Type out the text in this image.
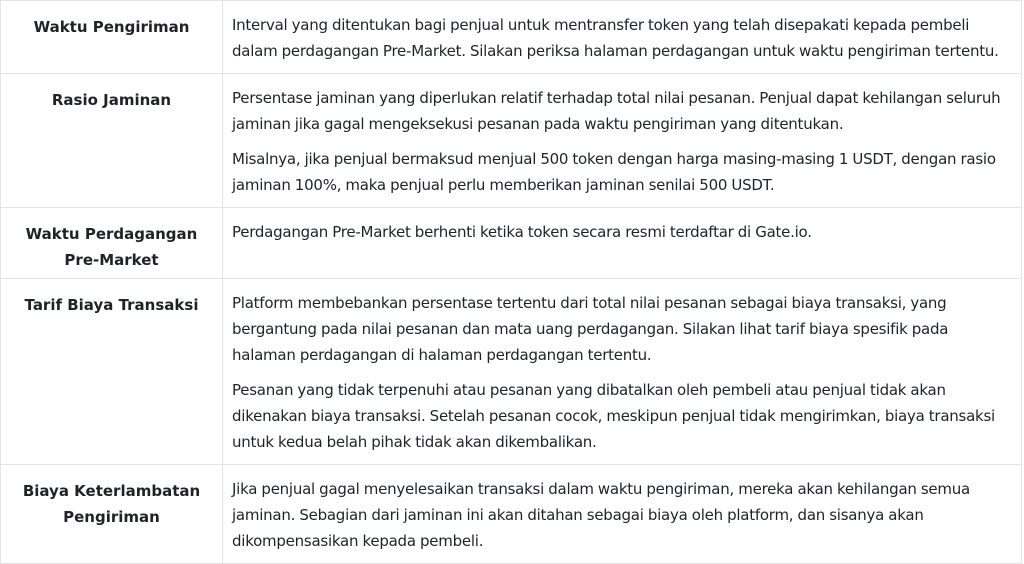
Waktu Pengiriman	Interval yang ditentukan bagi penjual untuk mentransfer token yang telah disepakati kepada pembeli dalam perdagangan Pre-Market. Silakan periksa halaman perdagangan untuk waktu pengiriman tertentu.

Rasio Jaminan	Persentase jaminan yang diperlukan relatif terhadap total nilai pesanan. Penjual dapat kehilangan seluruh jaminan jika gagal mengeksekusi pesanan pada waktu pengiriman yang ditentukan.

Misalnya, jika penjual bermaksud menjual 500 token dengan harga masing-masing 1 USDT, dengan rasio jaminan 100%, maka penjual perlu memberikan jaminan senilai 500 USDT.

Waktu Perdagangan Pre-Market	Perdagangan Pre-Market berhenti ketika token secara resmi terdaftar di Gate.io.

Tarif Biaya Transaksi	Platform membebankan persentase tertentu dari total nilai pesanan sebagai biaya transaksi, yang bergantung pada nilai pesanan dan mata uang perdagangan. Silakan lihat tarif biaya spesifik pada halaman perdagangan di halaman perdagangan tertentu.

Pesanan yang tidak terpenuhi atau pesanan yang dibatalkan oleh pembeli atau penjual tidak akan dikenakan biaya transaksi. Setelah pesanan cocok, meskipun penjual tidak mengirimkan, biaya transaksi untuk kedua belah pihak tidak akan dikembalikan.

Biaya Keterlambatan Pengiriman	Jika penjual gagal menyelesaikan transaksi dalam waktu pengiriman, mereka akan kehilangan semua jaminan. Sebagian dari jaminan ini akan ditahan sebagai biaya oleh platform, dan sisanya akan dikompensasikan kepada pembeli.
